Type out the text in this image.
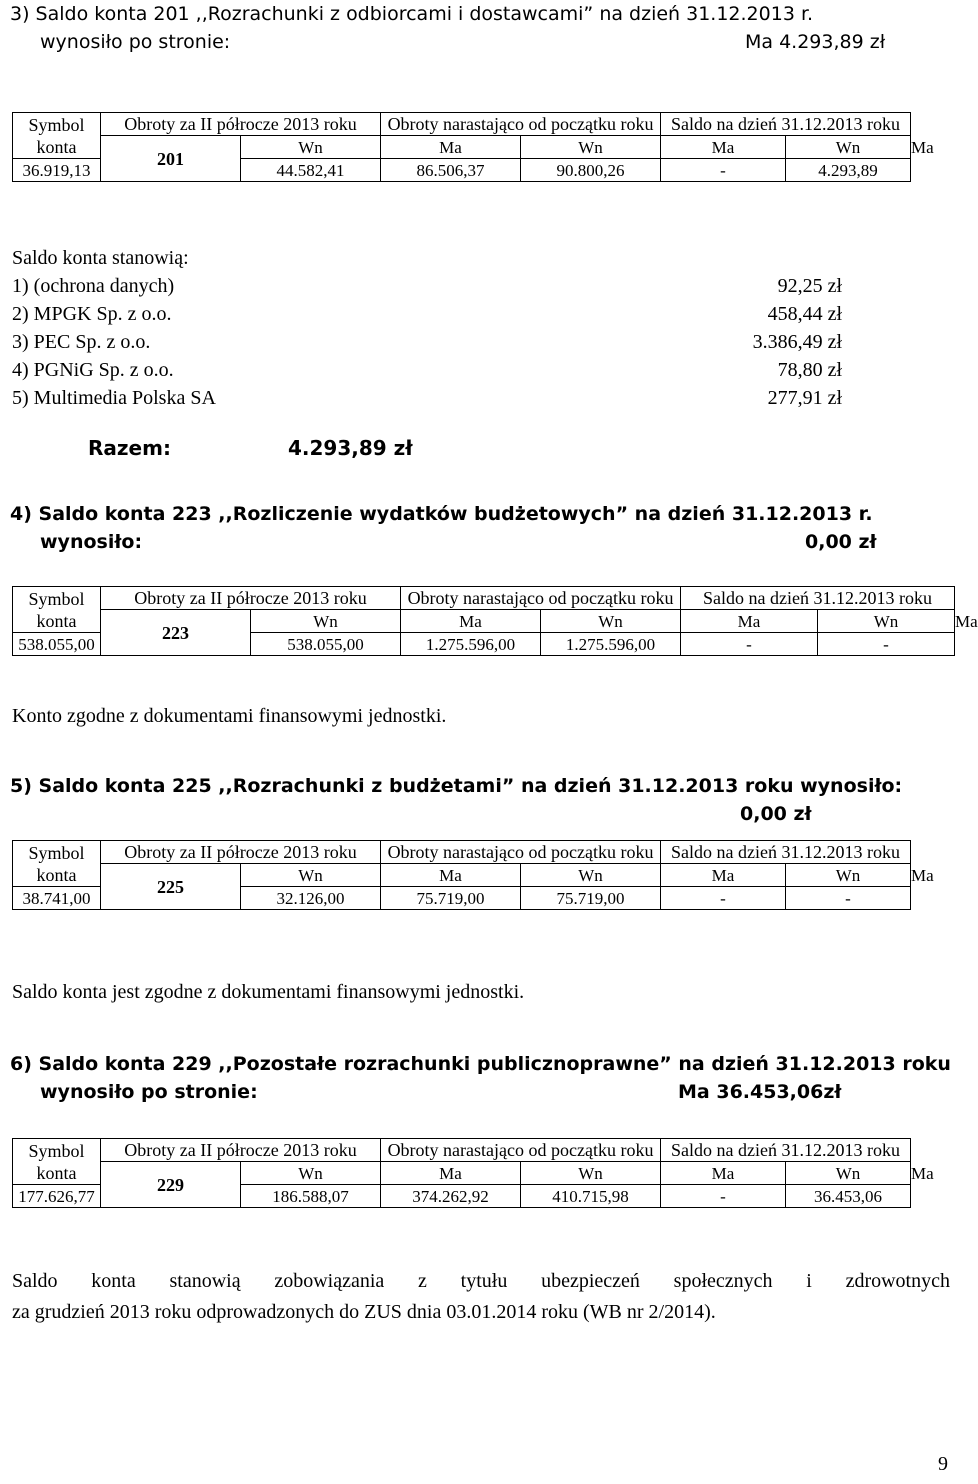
3) Saldo konta 201 ,,Rozrachunki z odbiorcami i dostawcami” na dzień 31.12.2013 r.
wynosiło po stronie:	Ma 4.293,89 zł
Symbol konta	Obroty za II półrocze 2013 roku		Obroty narastająco od początku roku		Saldo na dzień 31.12.2013 roku		
	201	Wn	Ma	Wn	Ma	Wn	Ma
36.919,13		44.582,41	86.506,37	90.800,26	-	4.293,89	
Saldo konta stanowią:
1) (ochrona danych)	92,25 zł
2) MPGK Sp. z o.o.	458,44 zł
3) PEC Sp. z o.o.	3.386,49 zł
4) PGNiG Sp. z o.o.	78,80 zł
5) Multimedia Polska SA	277,91 zł
Razem:	4.293,89 zł
4) Saldo konta 223 ,,Rozliczenie wydatków budżetowych” na dzień 31.12.2013 r.
wynosiło:	0,00 zł
Symbol konta	Obroty za II półrocze 2013 roku		Obroty narastająco od początku roku		Saldo na dzień 31.12.2013 roku		
	223	Wn	Ma	Wn	Ma	Wn	Ma
538.055,00		538.055,00	1.275.596,00	1.275.596,00	-	-	
Konto zgodne z dokumentami finansowymi jednostki.
5) Saldo konta 225 ,,Rozrachunki z budżetami” na dzień 31.12.2013 roku wynosiło:
0,00 zł
Symbol konta	Obroty za II półrocze 2013 roku		Obroty narastająco od początku roku		Saldo na dzień 31.12.2013 roku		
	225	Wn	Ma	Wn	Ma	Wn	Ma
38.741,00		32.126,00	75.719,00	75.719,00	-	-	
Saldo konta jest zgodne z dokumentami finansowymi jednostki.
6) Saldo konta 229 ,,Pozostałe rozrachunki publicznoprawne” na dzień 31.12.2013 roku
wynosiło po stronie:	Ma 36.453,06zł
Symbol konta	Obroty za II półrocze 2013 roku		Obroty narastająco od początku roku		Saldo na dzień 31.12.2013 roku		
	229	Wn	Ma	Wn	Ma	Wn	Ma
177.626,77		186.588,07	374.262,92	410.715,98	-	36.453,06	
Saldo konta stanowią zobowiązania z tytułu ubezpieczeń społecznych i zdrowotnych
za grudzień 2013 roku odprowadzonych do ZUS dnia 03.01.2014 roku (WB nr 2/2014).
9
